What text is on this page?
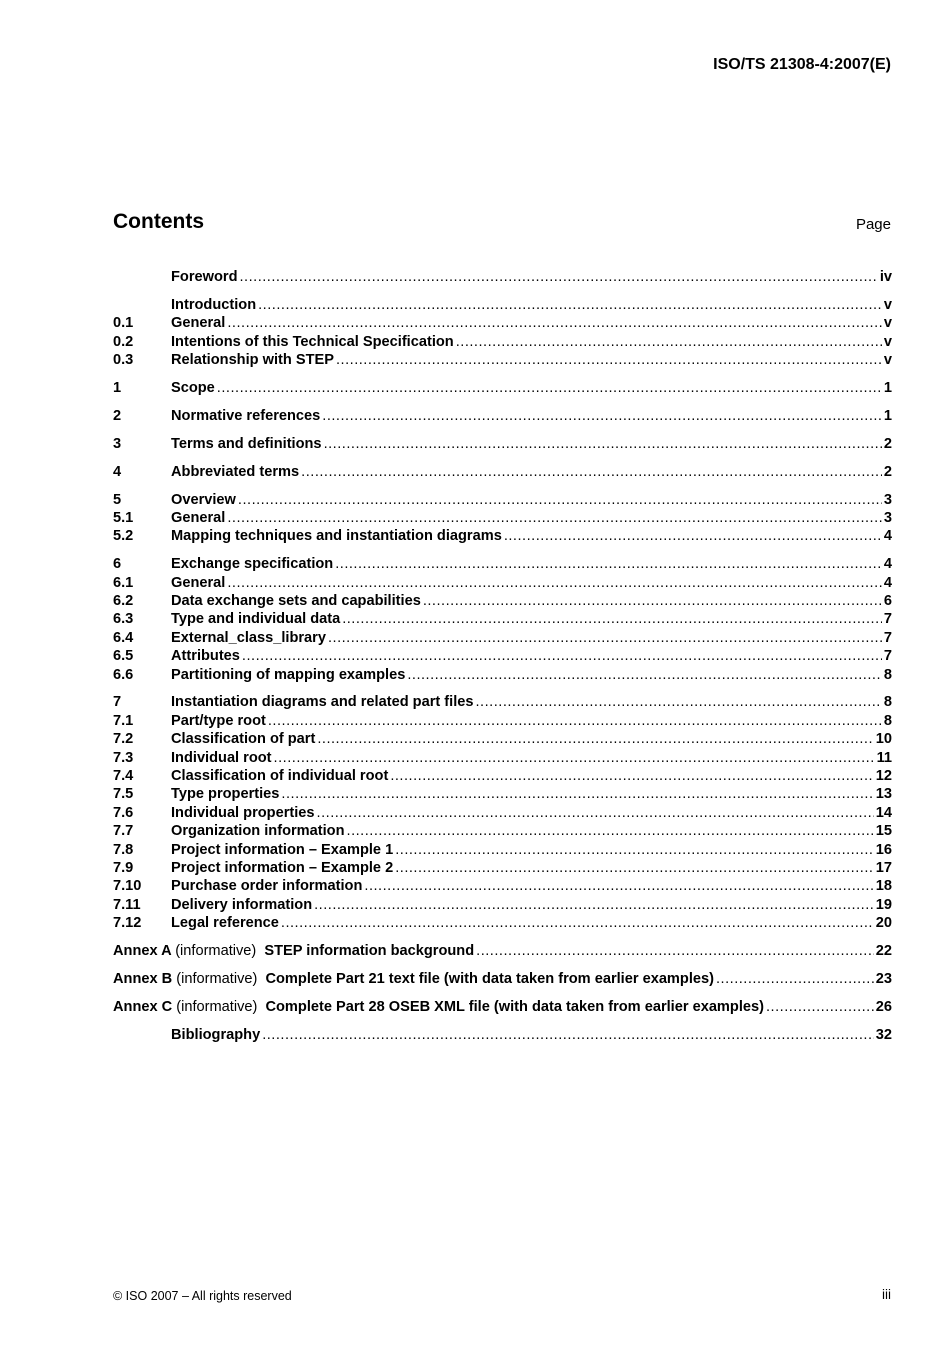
ISO/TS 21308-4:2007(E)
Contents	Page
Foreword .....	iv
Introduction .....	v
0.1	General .....	v
0.2	Intentions of this Technical Specification .....	v
0.3	Relationship with STEP .....	v
1	Scope .....	1
2	Normative references .....	1
3	Terms and definitions .....	2
4	Abbreviated terms .....	2
5	Overview .....	3
5.1	General .....	3
5.2	Mapping techniques and instantiation diagrams .....	4
6	Exchange specification .....	4
6.1	General .....	4
6.2	Data exchange sets and capabilities .....	6
6.3	Type and individual data .....	7
6.4	External_class_library .....	7
6.5	Attributes .....	7
6.6	Partitioning of mapping examples .....	8
7	Instantiation diagrams and related part files .....	8
7.1	Part/type root .....	8
7.2	Classification of part .....	10
7.3	Individual root .....	11
7.4	Classification of individual root .....	12
7.5	Type properties .....	13
7.6	Individual properties .....	14
7.7	Organization information .....	15
7.8	Project information – Example 1 .....	16
7.9	Project information – Example 2 .....	17
7.10	Purchase order information .....	18
7.11	Delivery information .....	19
7.12	Legal reference .....	20
Annex A (informative) STEP information background .....	22
Annex B (informative) Complete Part 21 text file (with data taken from earlier examples) .....	23
Annex C (informative) Complete Part 28 OSEB XML file (with data taken from earlier examples) .....	26
Bibliography .....	32
© ISO 2007 – All rights reserved	iii
